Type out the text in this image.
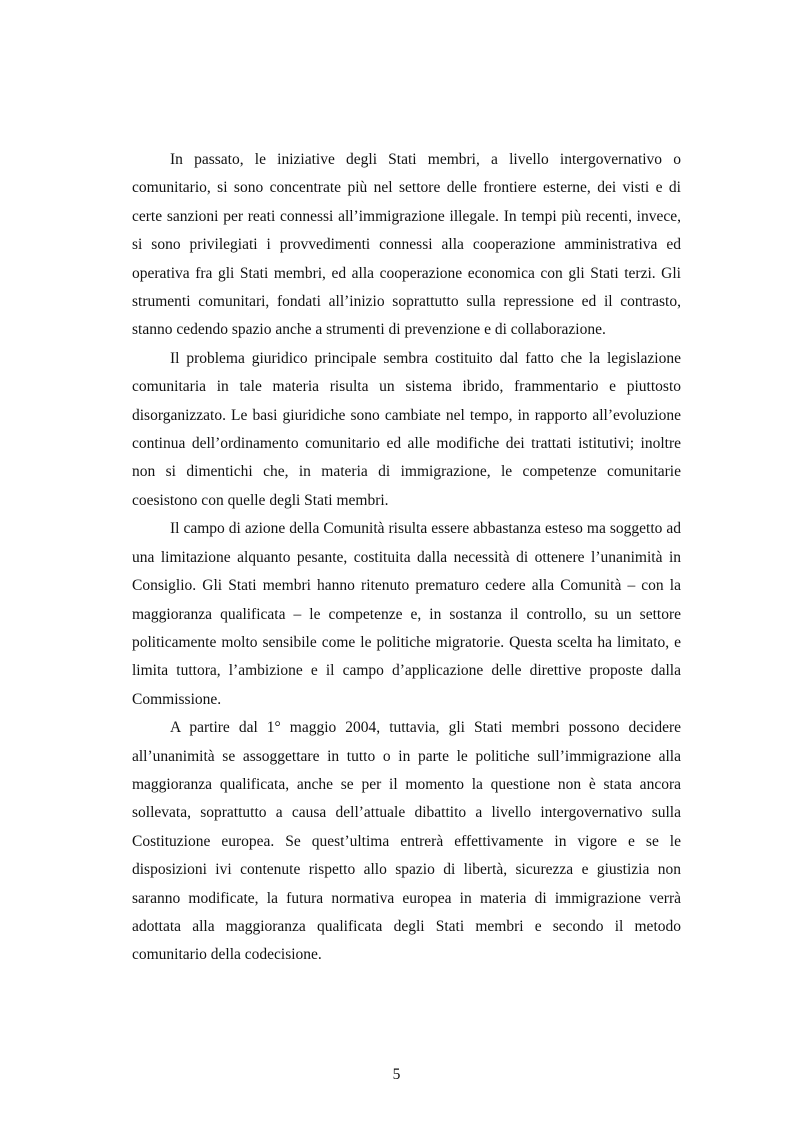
In passato, le iniziative degli Stati membri, a livello intergovernativo o comunitario, si sono concentrate più nel settore delle frontiere esterne, dei visti e di certe sanzioni per reati connessi all’immigrazione illegale. In tempi più recenti, invece, si sono privilegiati i provvedimenti connessi alla cooperazione amministrativa ed operativa fra gli Stati membri, ed alla cooperazione economica con gli Stati terzi. Gli strumenti comunitari, fondati all’inizio soprattutto sulla repressione ed il contrasto, stanno cedendo spazio anche a strumenti di prevenzione e di collaborazione.

Il problema giuridico principale sembra costituito dal fatto che la legislazione comunitaria in tale materia risulta un sistema ibrido, frammentario e piuttosto disorganizzato. Le basi giuridiche sono cambiate nel tempo, in rapporto all’evoluzione continua dell’ordinamento comunitario ed alle modifiche dei trattati istitutivi; inoltre non si dimentichi che, in materia di immigrazione, le competenze comunitarie coesistono con quelle degli Stati membri.

Il campo di azione della Comunità risulta essere abbastanza esteso ma soggetto ad una limitazione alquanto pesante, costituita dalla necessità di ottenere l’unanimità in Consiglio. Gli Stati membri hanno ritenuto prematuro cedere alla Comunità – con la maggioranza qualificata – le competenze e, in sostanza il controllo, su un settore politicamente molto sensibile come le politiche migratorie. Questa scelta ha limitato, e limita tuttora, l’ambizione e il campo d’applicazione delle direttive proposte dalla Commissione.

A partire dal 1° maggio 2004, tuttavia, gli Stati membri possono decidere all’unanimità se assoggettare in tutto o in parte le politiche sull’immigrazione alla maggioranza qualificata, anche se per il momento la questione non è stata ancora sollevata, soprattutto a causa dell’attuale dibattito a livello intergovernativo sulla Costituzione europea. Se quest’ultima entrerà effettivamente in vigore e se le disposizioni ivi contenute rispetto allo spazio di libertà, sicurezza e giustizia non saranno modificate, la futura normativa europea in materia di immigrazione verrà adottata alla maggioranza qualificata degli Stati membri e secondo il metodo comunitario della codecisione.

5
